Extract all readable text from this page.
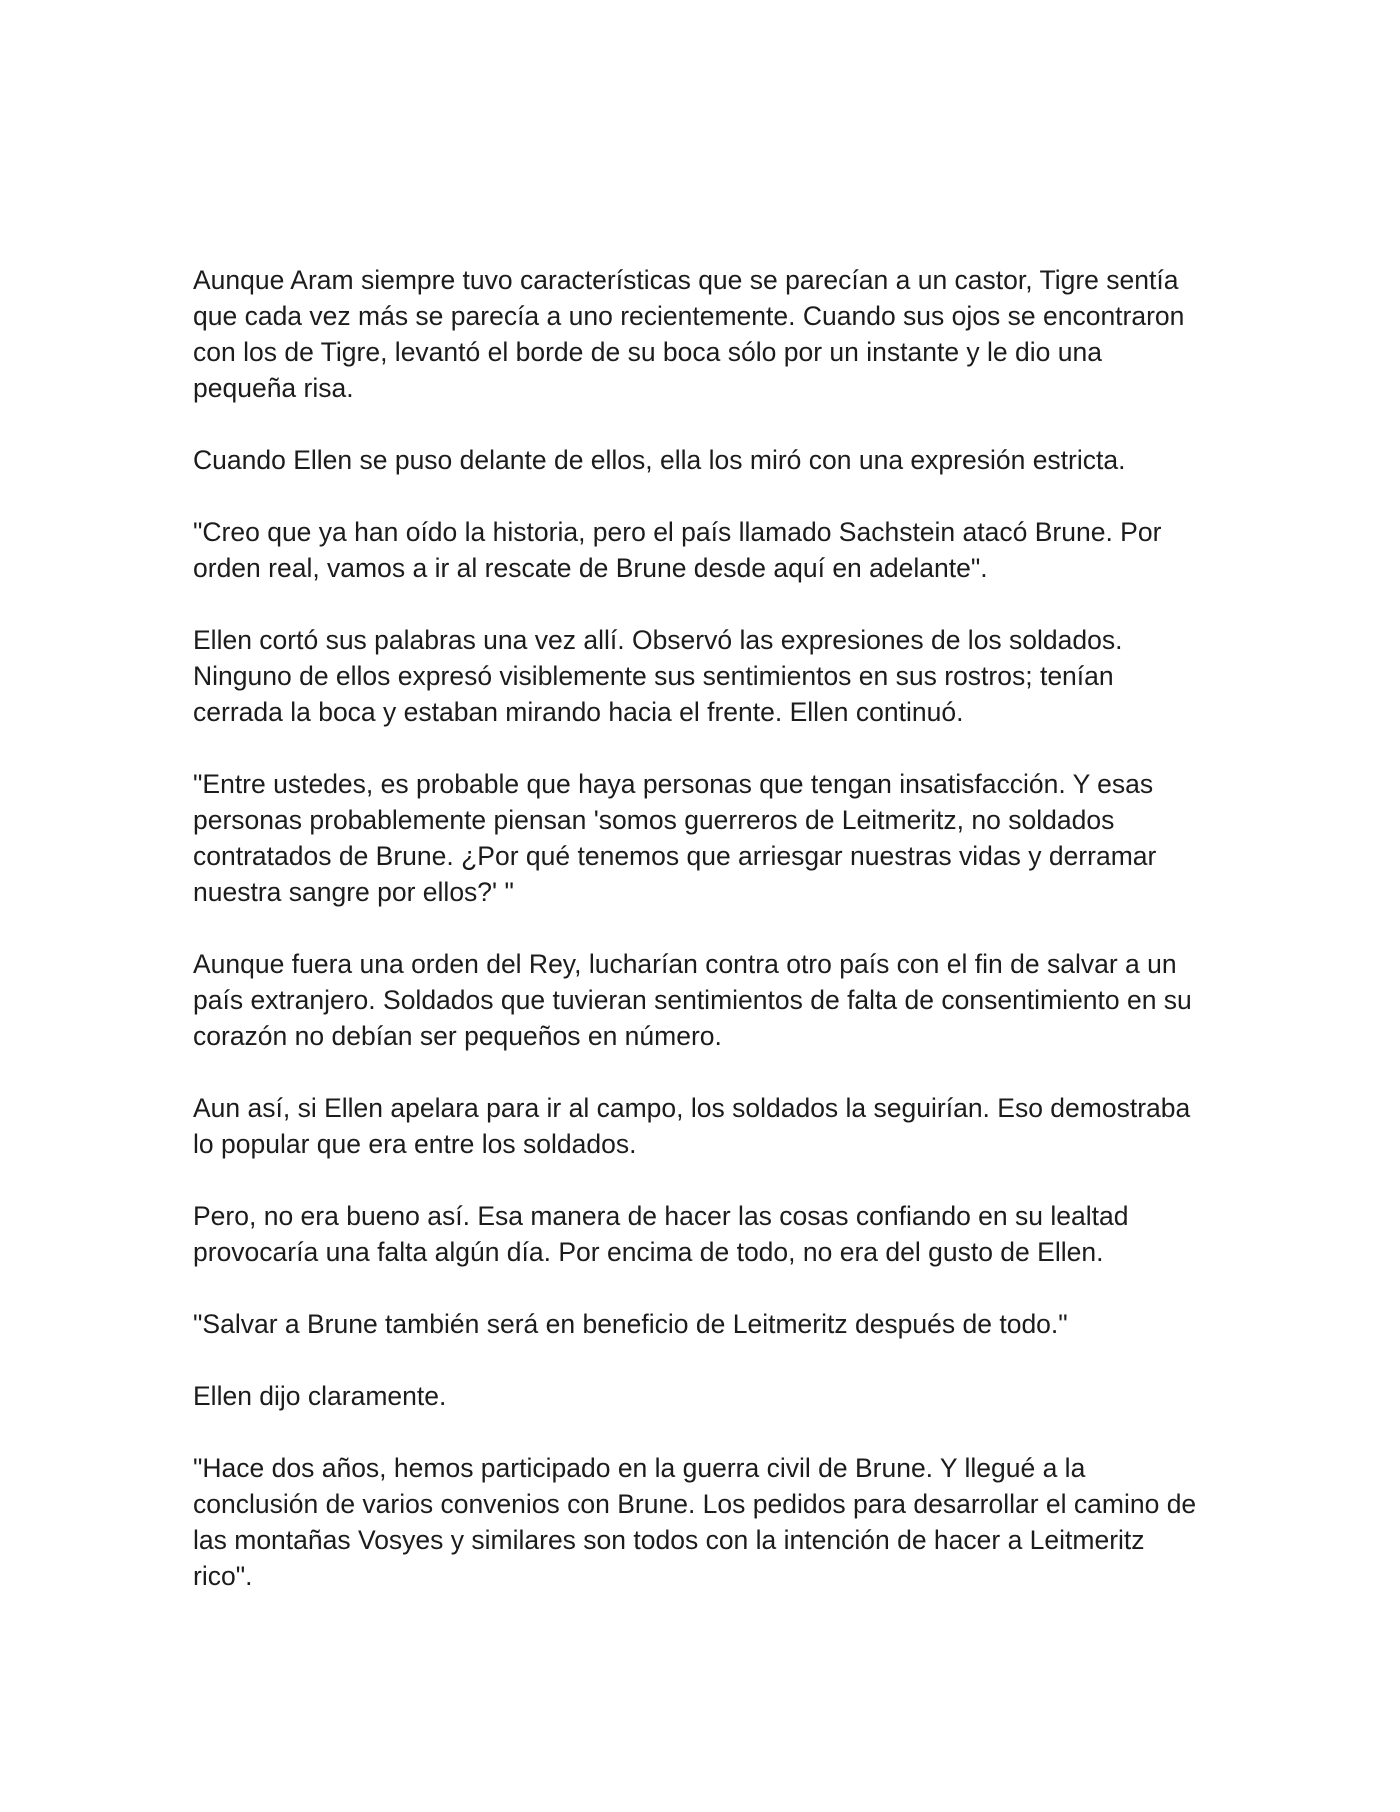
Aunque Aram siempre tuvo características que se parecían a un castor, Tigre sentía que cada vez más se parecía a uno recientemente. Cuando sus ojos se encontraron con los de Tigre, levantó el borde de su boca sólo por un instante y le dio una pequeña risa.

Cuando Ellen se puso delante de ellos, ella los miró con una expresión estricta.

"Creo que ya han oído la historia, pero el país llamado Sachstein atacó Brune. Por orden real, vamos a ir al rescate de Brune desde aquí en adelante".

Ellen cortó sus palabras una vez allí. Observó las expresiones de los soldados. Ninguno de ellos expresó visiblemente sus sentimientos en sus rostros; tenían cerrada la boca y estaban mirando hacia el frente. Ellen continuó.

"Entre ustedes, es probable que haya personas que tengan insatisfacción. Y esas personas probablemente piensan 'somos guerreros de Leitmeritz, no soldados contratados de Brune. ¿Por qué tenemos que arriesgar nuestras vidas y derramar nuestra sangre por ellos?' "

Aunque fuera una orden del Rey, lucharían contra otro país con el fin de salvar a un país extranjero. Soldados que tuvieran sentimientos de falta de consentimiento en su corazón no debían ser pequeños en número.

Aun así, si Ellen apelara para ir al campo, los soldados la seguirían. Eso demostraba lo popular que era entre los soldados.

Pero, no era bueno así. Esa manera de hacer las cosas confiando en su lealtad provocaría una falta algún día. Por encima de todo, no era del gusto de Ellen.

"Salvar a Brune también será en beneficio de Leitmeritz después de todo."

Ellen dijo claramente.

"Hace dos años, hemos participado en la guerra civil de Brune. Y llegué a la conclusión de varios convenios con Brune. Los pedidos para desarrollar el camino de las montañas Vosyes y similares son todos con la intención de hacer a Leitmeritz rico".
